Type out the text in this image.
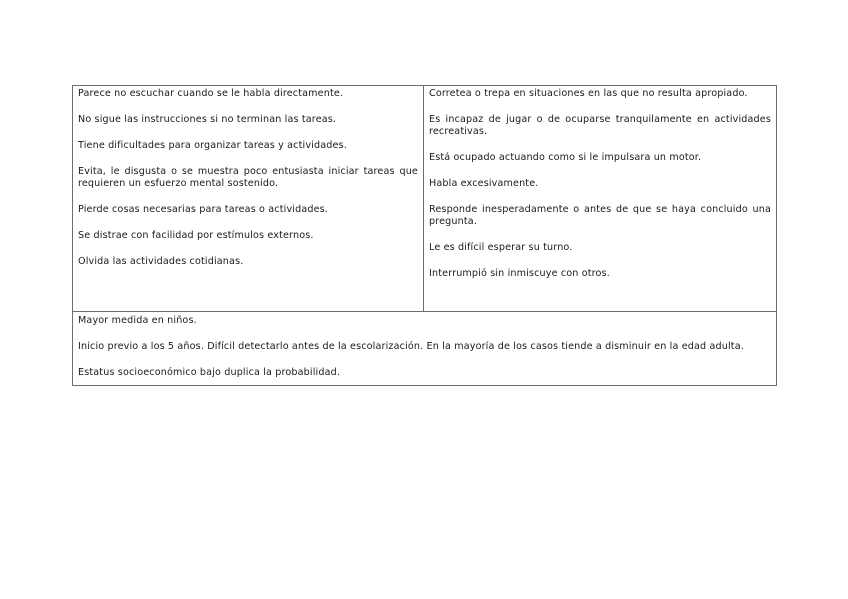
Parece no escuchar cuando se le habla directamente.

No sigue las instrucciones si no terminan las tareas.

Tiene dificultades para organizar tareas y actividades.

Evita, le disgusta o se muestra poco entusiasta iniciar tareas que requieren un esfuerzo mental sostenido.

Pierde cosas necesarias para tareas o actividades.

Se distrae con facilidad por estímulos externos.

Olvida las actividades cotidianas.

Corretea o trepa en situaciones en las que no resulta apropiado.

Es incapaz de jugar o de ocuparse tranquilamente en actividades recreativas.

Está ocupado actuando como si le impulsara un motor.

Habla excesivamente.

Responde inesperadamente o antes de que se haya concluido una pregunta.

Le es difícil esperar su turno.

Interrumpió sin inmiscuye con otros.

Mayor medida en niños.

Inicio previo a los 5 años. Difícil detectarlo antes de la escolarización. En la mayoría de los casos tiende a disminuir en la edad adulta.

Estatus socioeconómico bajo duplica la probabilidad.
